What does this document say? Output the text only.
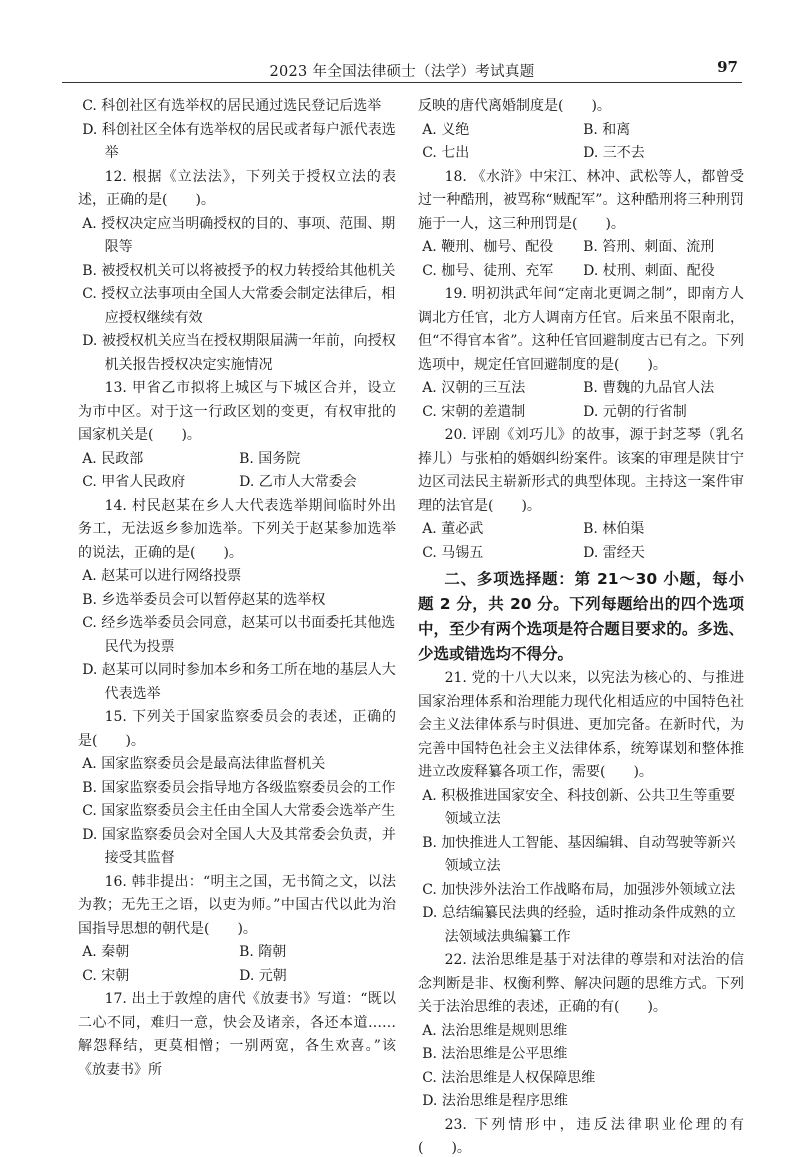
2023 年全国法律硕士（法学）考试真题	97
C. 科创社区有选举权的居民通过选民登记后选举
D. 科创社区全体有选举权的居民或者每户派代表选举
12. 根据《立法法》，下列关于授权立法的表述，正确的是(　　)。
A. 授权决定应当明确授权的目的、事项、范围、期限等
B. 被授权机关可以将被授予的权力转授给其他机关
C. 授权立法事项由全国人大常委会制定法律后，相应授权继续有效
D. 被授权机关应当在授权期限届满一年前，向授权机关报告授权决定实施情况
13. 甲省乙市拟将上城区与下城区合并，设立为市中区。对于这一行政区划的变更，有权审批的国家机关是(　　)。
A. 民政部	B. 国务院
C. 甲省人民政府	D. 乙市人大常委会
14. 村民赵某在乡人大代表选举期间临时外出务工，无法返乡参加选举。下列关于赵某参加选举的说法，正确的是(　　)。
A. 赵某可以进行网络投票
B. 乡选举委员会可以暂停赵某的选举权
C. 经乡选举委员会同意，赵某可以书面委托其他选民代为投票
D. 赵某可以同时参加本乡和务工所在地的基层人大代表选举
15. 下列关于国家监察委员会的表述，正确的是(　　)。
A. 国家监察委员会是最高法律监督机关
B. 国家监察委员会指导地方各级监察委员会的工作
C. 国家监察委员会主任由全国人大常委会选举产生
D. 国家监察委员会对全国人大及其常委会负责，并接受其监督
16. 韩非提出：“明主之国，无书简之文，以法为教；无先王之语，以吏为师。”中国古代以此为治国指导思想的朝代是(　　)。
A. 秦朝	B. 隋朝
C. 宋朝	D. 元朝
17. 出土于敦煌的唐代《放妻书》写道：“既以二心不同，难归一意，快会及诸亲，各还本道……解怨释结，更莫相憎；一别两宽，各生欢喜。”该《放妻书》所
反映的唐代离婚制度是(　　)。
A. 义绝	B. 和离
C. 七出	D. 三不去
18. 《水浒》中宋江、林冲、武松等人，都曾受过一种酷刑，被骂称“贼配军”。这种酷刑将三种刑罚施于一人，这三种刑罚是(　　)。
A. 鞭刑、枷号、配役	B. 笞刑、刺面、流刑
C. 枷号、徒刑、充军	D. 杖刑、刺面、配役
19. 明初洪武年间“定南北更调之制”，即南方人调北方任官，北方人调南方任官。后来虽不限南北，但“不得官本省”。这种任官回避制度古已有之。下列选项中，规定任官回避制度的是(　　)。
A. 汉朝的三互法	B. 曹魏的九品官人法
C. 宋朝的差遣制	D. 元朝的行省制
20. 评剧《刘巧儿》的故事，源于封芝琴（乳名捧儿）与张柏的婚姻纠纷案件。该案的审理是陕甘宁边区司法民主崭新形式的典型体现。主持这一案件审理的法官是(　　)。
A. 董必武	B. 林伯渠
C. 马锡五	D. 雷经天
二、多项选择题：第 21～30 小题，每小题 2 分，共 20 分。下列每题给出的四个选项中，至少有两个选项是符合题目要求的。多选、少选或错选均不得分。
21. 党的十八大以来，以宪法为核心的、与推进国家治理体系和治理能力现代化相适应的中国特色社会主义法律体系与时俱进、更加完备。在新时代，为完善中国特色社会主义法律体系，统筹谋划和整体推进立改废释纂各项工作，需要(　　)。
A. 积极推进国家安全、科技创新、公共卫生等重要领域立法
B. 加快推进人工智能、基因编辑、自动驾驶等新兴领域立法
C. 加快涉外法治工作战略布局，加强涉外领域立法
D. 总结编纂民法典的经验，适时推动条件成熟的立法领域法典编纂工作
22. 法治思维是基于对法律的尊崇和对法治的信念判断是非、权衡利弊、解决问题的思维方式。下列关于法治思维的表述，正确的有(　　)。
A. 法治思维是规则思维
B. 法治思维是公平思维
C. 法治思维是人权保障思维
D. 法治思维是程序思维
23. 下列情形中，违反法律职业伦理的有(　　)。
